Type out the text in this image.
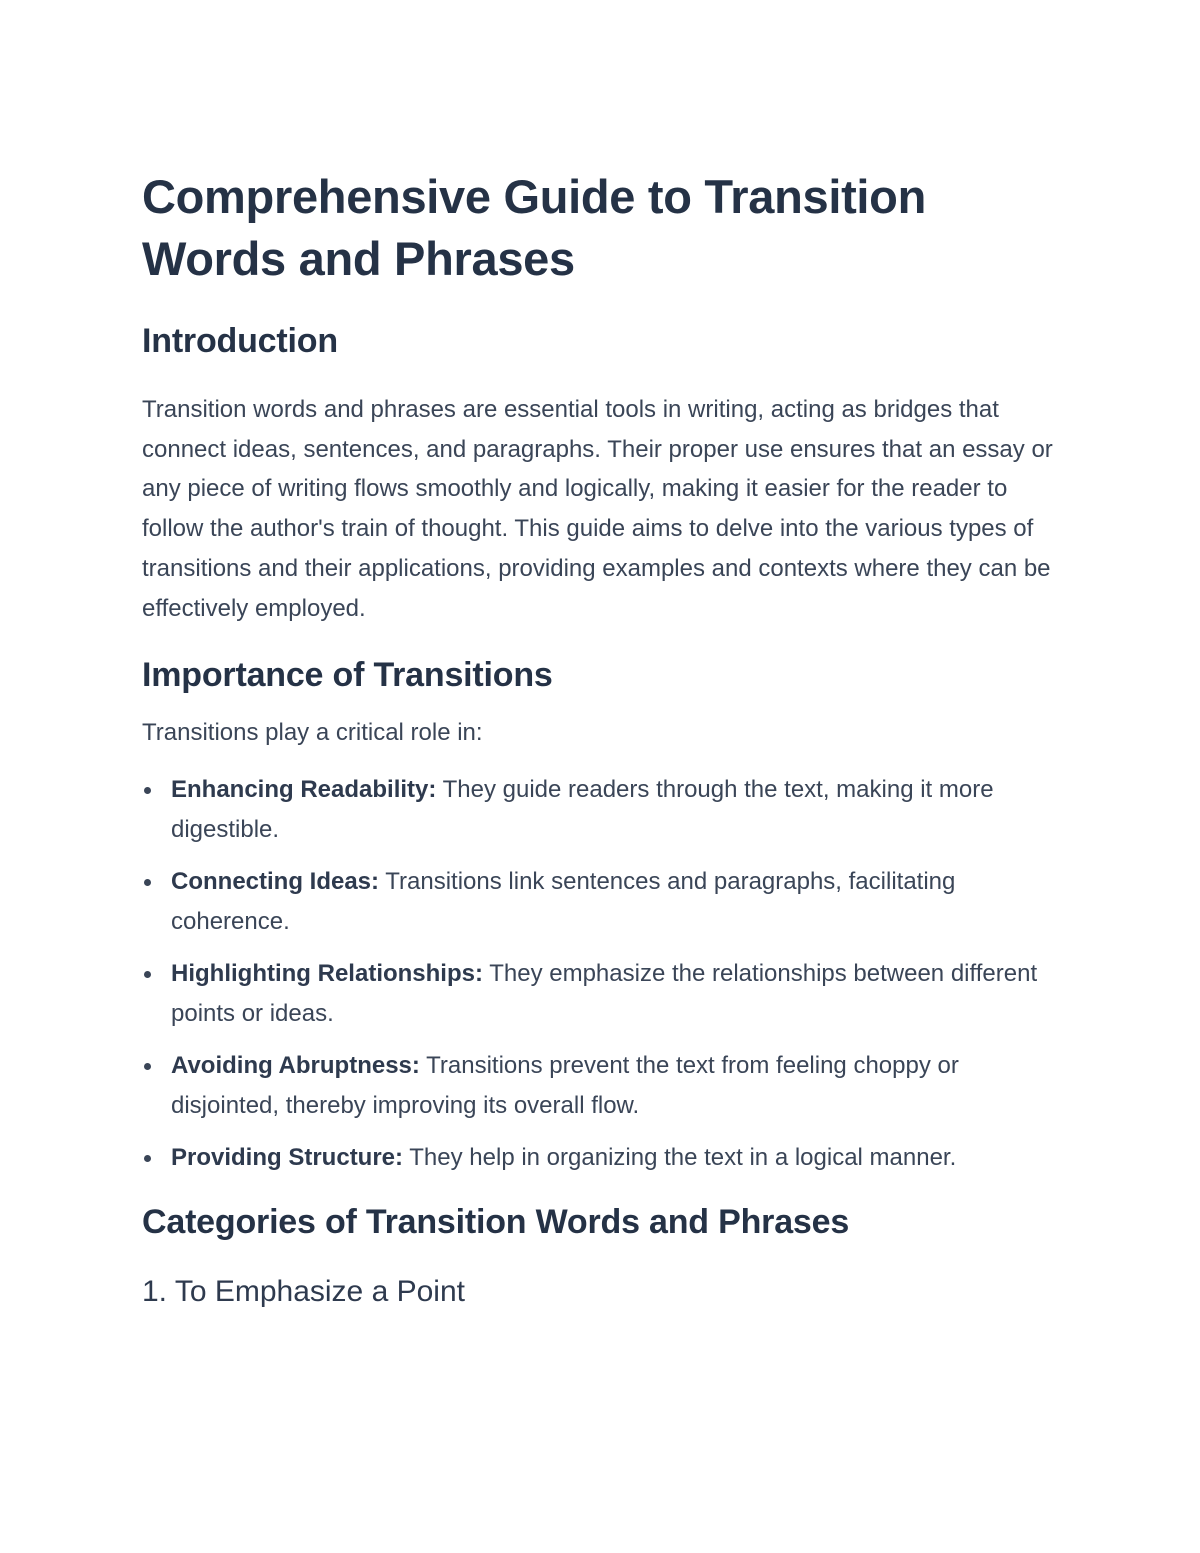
Comprehensive Guide to Transition Words and Phrases
Introduction

Transition words and phrases are essential tools in writing, acting as bridges that connect ideas, sentences, and paragraphs. Their proper use ensures that an essay or any piece of writing flows smoothly and logically, making it easier for the reader to follow the author's train of thought. This guide aims to delve into the various types of transitions and their applications, providing examples and contexts where they can be effectively employed.

Importance of Transitions

Transitions play a critical role in:

Enhancing Readability: They guide readers through the text, making it more digestible.
Connecting Ideas: Transitions link sentences and paragraphs, facilitating coherence.
Highlighting Relationships: They emphasize the relationships between different points or ideas.
Avoiding Abruptness: Transitions prevent the text from feeling choppy or disjointed, thereby improving its overall flow.
Providing Structure: They help in organizing the text in a logical manner.
Categories of Transition Words and Phrases
1. To Emphasize a Point
